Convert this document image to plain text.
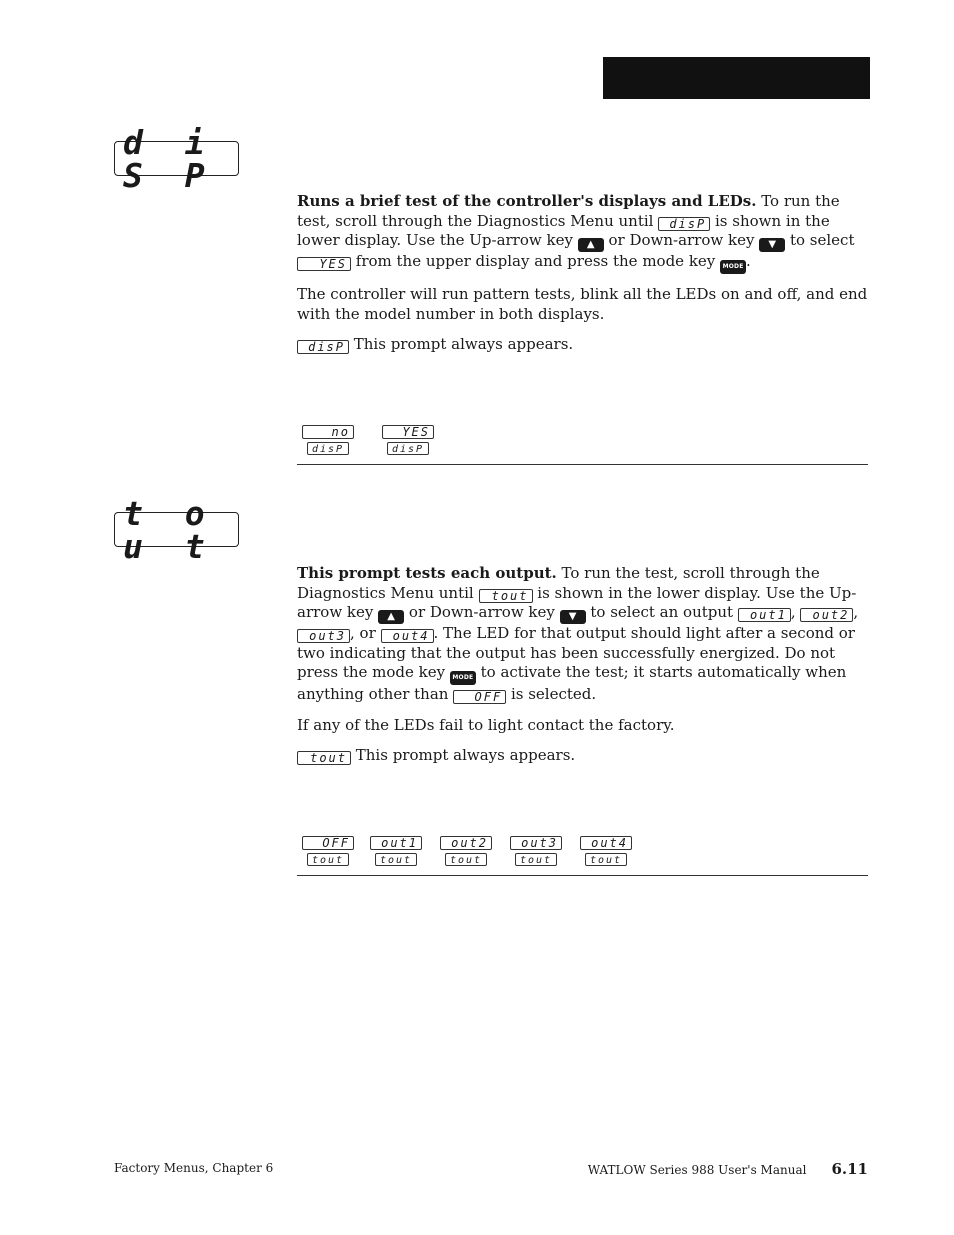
d i S P

Runs a brief test of the controller's displays and LEDs. To run the test, scroll through the Diagnostics Menu until disP is shown in the lower display. Use the Up-arrow key ▲ or Down-arrow key ▼ to select YES from the upper display and press the mode key MODE .

The controller will run pattern tests, blink all the LEDs on and off, and end with the model number in both displays.

disP This prompt always appears.

no
disP
YES
disP
t o u t

This prompt tests each output. To run the test, scroll through the Diagnostics Menu until tout is shown in the lower display. Use the Up-arrow key ▲ or Down-arrow key ▼ to select an output out1 , out2 , out3 , or out4 . The LED for that output should light after a second or two indicating that the output has been successfully energized. Do not press the mode key MODE to activate the test; it starts automatically when anything other than OFF is selected.

If any of the LEDs fail to light contact the factory.

tout This prompt always appears.

OFF
tout
out1
tout
out2
tout
out3
tout
out4
tout
Factory Menus, Chapter 6	WATLOW Series 988 User's Manual 6.11
